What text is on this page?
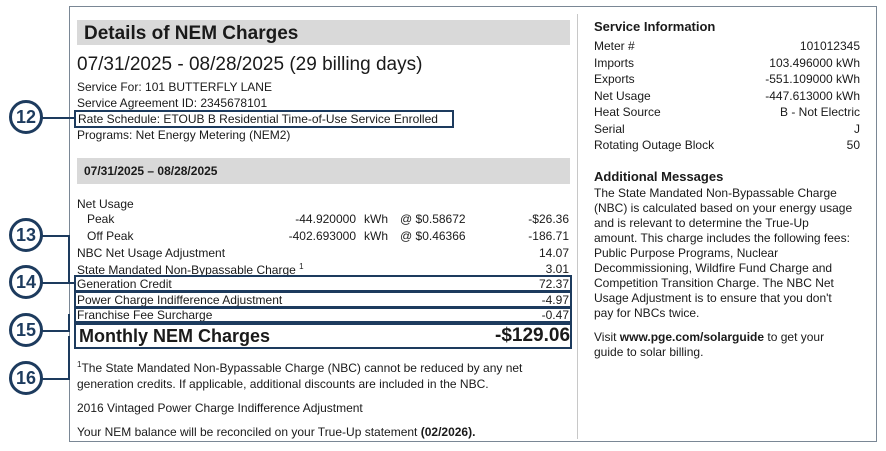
Details of NEM Charges
07/31/2025 - 08/28/2025 (29 billing days)
Service For: 101 BUTTERFLY LANE
Service Agreement ID: 2345678101
Rate Schedule: ETOUB B Residential Time-of-Use Service Enrolled
Programs: Net Energy Metering (NEM2)
07/31/2025 – 08/28/2025
Net Usage
Peak	-44.920000 kWh @ $0.58672	-$26.36
Off Peak	-402.693000 kWh @ $0.46366	-186.71
NBC Net Usage Adjustment	14.07
State Mandated Non-Bypassable Charge $^1$	3.01
Generation Credit	72.37
Power Charge Indifference Adjustment	-4.97
Franchise Fee Surcharge	-0.47
Monthly NEM Charges	-$129.06
$^1$The State Mandated Non-Bypassable Charge (NBC) cannot be reduced by any net generation credits. If applicable, additional discounts are included in the NBC.
2016 Vintaged Power Charge Indifference Adjustment
Your NEM balance will be reconciled on your True-Up statement (02/2026).
12
13
14
15
16
Service Information
Meter #	101012345
Imports	103.496000 kWh
Exports	-551.109000 kWh
Net Usage	-447.613000 kWh
Heat Source	B - Not Electric
Serial	J
Rotating Outage Block	50
Additional Messages
The State Mandated Non-Bypassable Charge (NBC) is calculated based on your energy usage and is relevant to determine the True-Up amount. This charge includes the following fees: Public Purpose Programs, Nuclear Decommissioning, Wildfire Fund Charge and Competition Transition Charge. The NBC Net Usage Adjustment is to ensure that you don't pay for NBCs twice.
Visit www.pge.com/solarguide to get your guide to solar billing.
